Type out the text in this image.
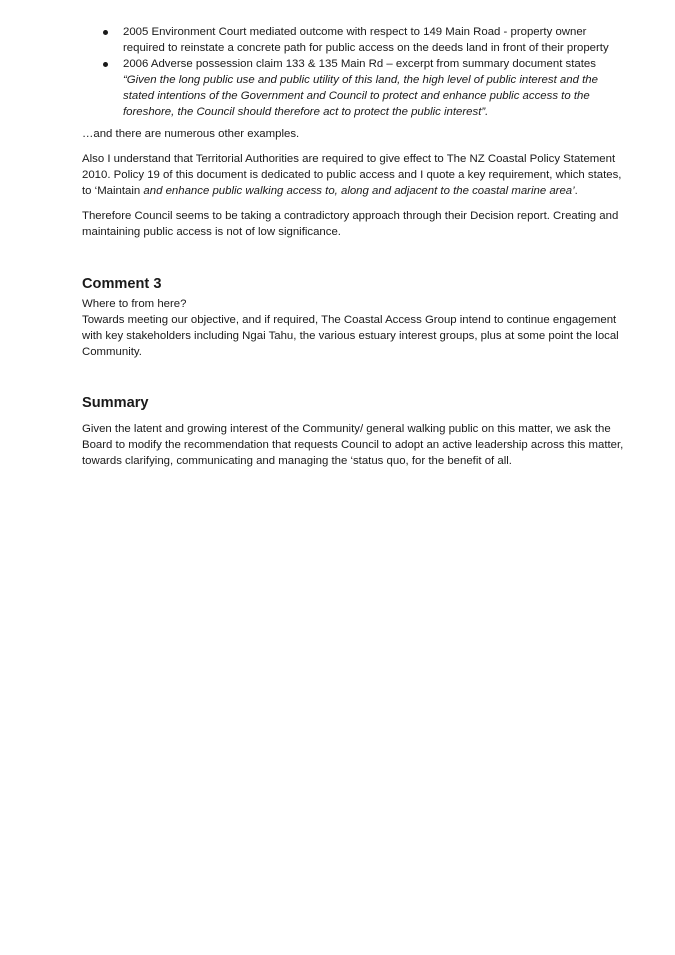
2005 Environment Court mediated outcome with respect to 149 Main Road - property owner required to reinstate a concrete path for public access on the deeds land in front of their property
2006 Adverse possession claim 133 & 135 Main Rd – excerpt from summary document states
“Given the long public use and public utility of this land, the high level of public interest and the stated intentions of the Government and Council to protect and enhance public access to the foreshore, the Council should therefore act to protect the public interest”.

…and there are numerous other examples.

Also I understand that Territorial Authorities are required to give effect to The NZ Coastal Policy Statement 2010. Policy 19 of this document is dedicated to public access and I quote a key requirement, which states, to ‘Maintain and enhance public walking access to, along and adjacent to the coastal marine area’.

Therefore Council seems to be taking a contradictory approach through their Decision report. Creating and maintaining public access is not of low significance.

Comment 3
Where to from here?
Towards meeting our objective, and if required, The Coastal Access Group intend to continue engagement with key stakeholders including Ngai Tahu, the various estuary interest groups, plus at some point the local Community.
Summary
Given the latent and growing interest of the Community/ general walking public on this matter, we ask the Board to modify the recommendation that requests Council to adopt an active leadership across this matter, towards clarifying, communicating and managing the ‘status quo, for the benefit of all.
